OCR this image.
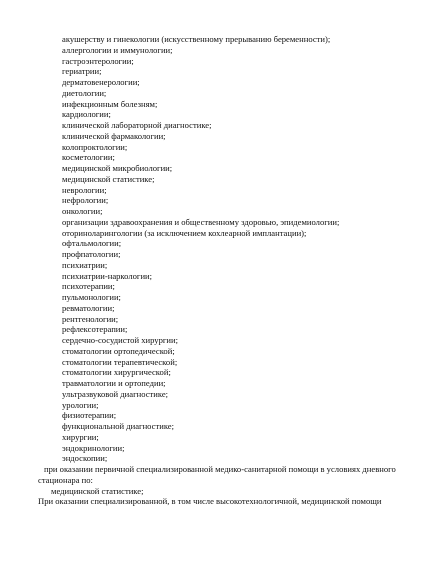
акушерству и гинекологии (искусственному прерыванию беременности);
аллергологии и иммунологии;
гастроэнтерологии;
гериатрии;
дерматовенерологии;
диетологии;
инфекционным болезням;
кардиологии;
клинической лабораторной диагностике;
клинической фармакологии;
колопроктологии;
косметологии;
медицинской микробиологии;
медицинской статистике;
неврологии;
нефрологии;
онкологии;
организации здравоохранения и общественному здоровью, эпидемиологии;
оториноларингологии (за исключением кохлеарной имплантации);
офтальмологии;
профпатологии;
психиатрии;
психиатрии-наркологии;
психотерапии;
пульмонологии;
ревматологии;
рентгенологии;
рефлексотерапии;
сердечно-сосудистой хирургии;
стоматологии ортопедической;
стоматологии терапевтической;
стоматологии хирургической;
травматологии и ортопедии;
ультразвуковой диагностике;
урологии;
физиотерапии;
функциональной диагностике;
хирургии;
эндокринологии;
эндоскопии;
при оказании первичной специализированной медико-санитарной помощи в условиях дневного
стационара по:
медицинской статистике;
При оказании специализированной, в том числе высокотехнологичной, медицинской помощи
